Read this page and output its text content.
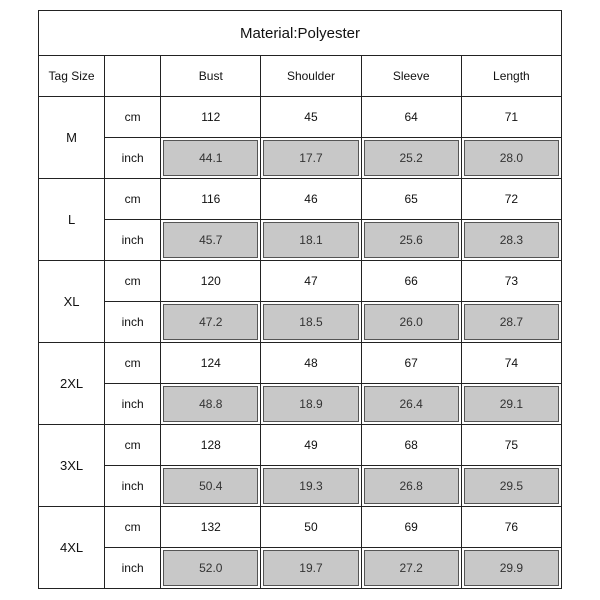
Material:Polyester					
Tag Size		Bust	Shoulder	Sleeve	Length
M	cm	112	45	64	71
	inch	44.1	17.7	25.2	28.0
L	cm	116	46	65	72
	inch	45.7	18.1	25.6	28.3
XL	cm	120	47	66	73
	inch	47.2	18.5	26.0	28.7
2XL	cm	124	48	67	74
	inch	48.8	18.9	26.4	29.1
3XL	cm	128	49	68	75
	inch	50.4	19.3	26.8	29.5
4XL	cm	132	50	69	76
	inch	52.0	19.7	27.2	29.9
